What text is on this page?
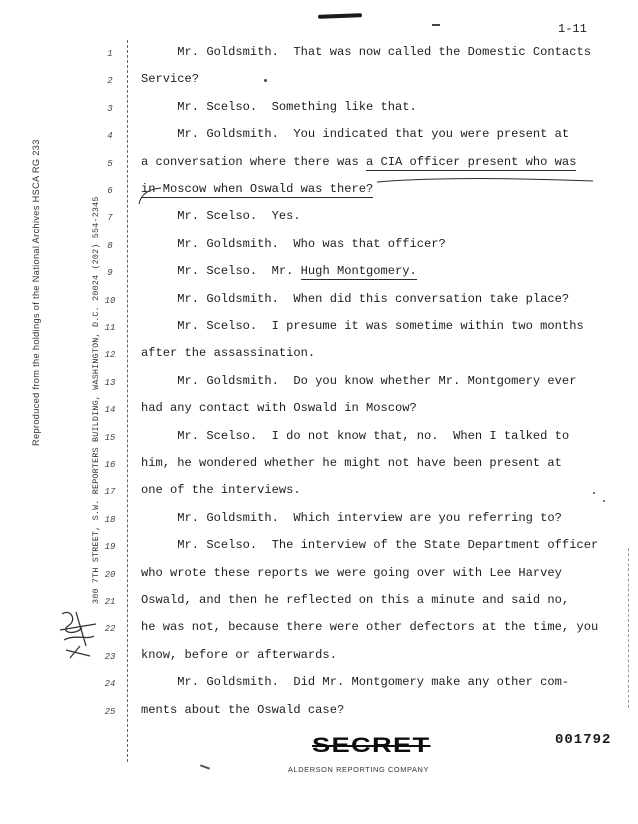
1-11
Reproduced from the holdings of the National Archives HSCA RG 233	300 7TH STREET, S.W. REPORTERS BUILDING, WASHINGTON, D.C. 20024 (202) 554-2345
1	Mr. Goldsmith.  That was now called the Domestic Contacts
2	Service?
3	Mr. Scelso.  Something like that.
4	Mr. Goldsmith.  You indicated that you were present at
5	a conversation where there was a CIA officer present who was
6	in Moscow when Oswald was there?
7	Mr. Scelso.  Yes.
8	Mr. Goldsmith.  Who was that officer?
9	Mr. Scelso.  Mr. Hugh Montgomery.
10	Mr. Goldsmith.  When did this conversation take place?
11	Mr. Scelso.  I presume it was sometime within two months
12	after the assassination.
13	Mr. Goldsmith.  Do you know whether Mr. Montgomery ever
14	had any contact with Oswald in Moscow?
15	Mr. Scelso.  I do not know that, no.  When I talked to
16	him, he wondered whether he might not have been present at
17	one of the interviews.
18	Mr. Goldsmith.  Which interview are you referring to?
19	Mr. Scelso.  The interview of the State Department officer
20	who wrote these reports we were going over with Lee Harvey
21	Oswald, and then he reflected on this a minute and said no,
22	he was not, because there were other defectors at the time, you
23	know, before or afterwards.
24	Mr. Goldsmith.  Did Mr. Montgomery make any other com-
25	ments about the Oswald case?
001792
SECRET
ALDERSON REPORTING COMPANY
